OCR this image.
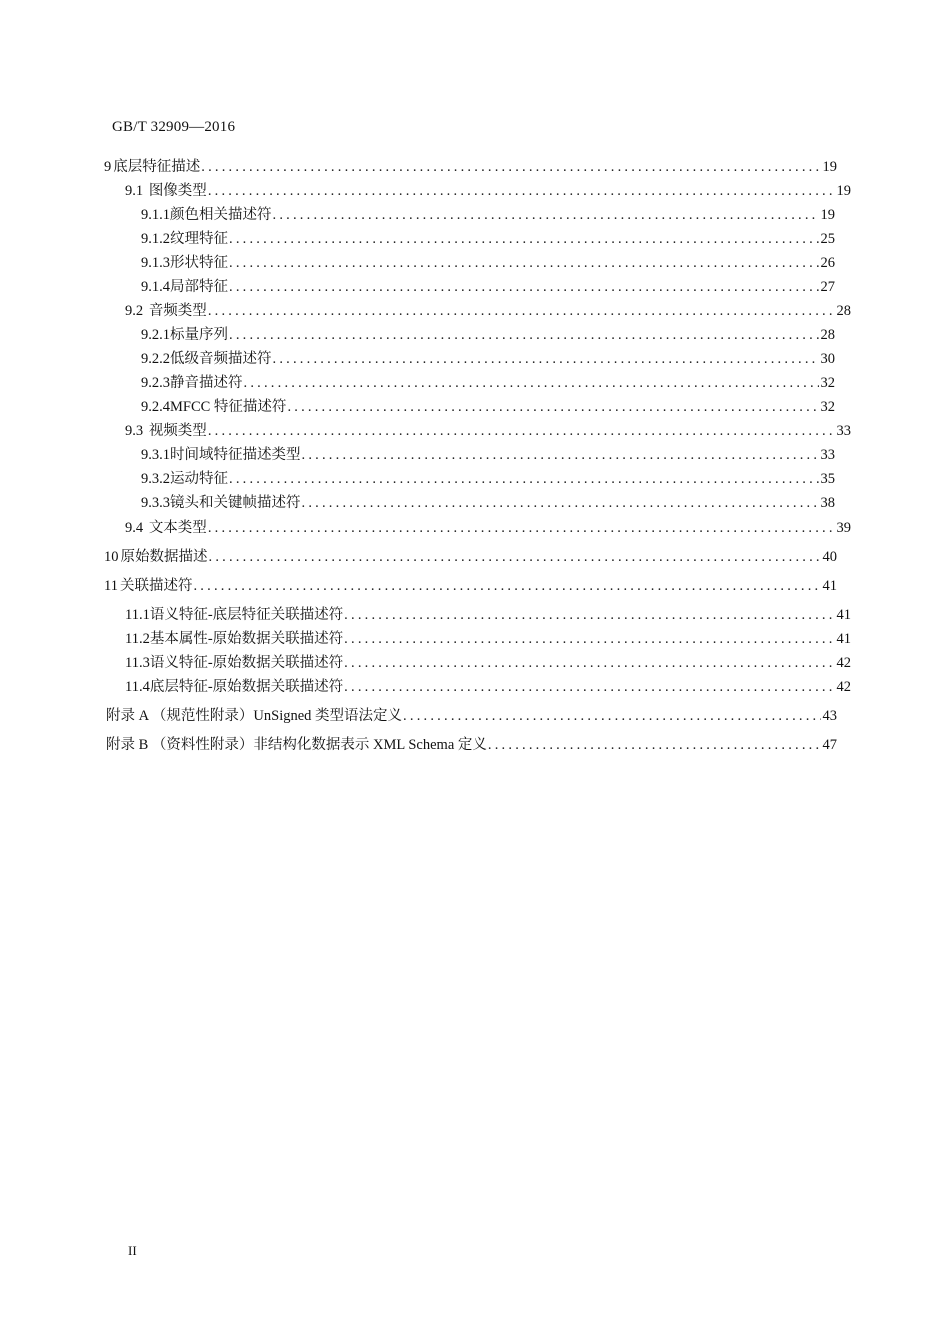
GB/T 32909—2016
9 底层特征描述 .....	19
9.1 图像类型 .....	19
9.1.1 颜色相关描述符 .....	19
9.1.2 纹理特征 .....	25
9.1.3 形状特征 .....	26
9.1.4 局部特征 .....	27
9.2 音频类型 .....	28
9.2.1 标量序列 .....	28
9.2.2 低级音频描述符 .....	30
9.2.3 静音描述符 .....	32
9.2.4 MFCC 特征描述符 .....	32
9.3 视频类型 .....	33
9.3.1 时间域特征描述类型 .....	33
9.3.2 运动特征 .....	35
9.3.3 镜头和关键帧描述符 .....	38
9.4 文本类型 .....	39
10 原始数据描述 .....	40
11 关联描述符 .....	41
11.1 语义特征-底层特征关联描述符 .....	41
11.2 基本属性-原始数据关联描述符 .....	41
11.3 语义特征-原始数据关联描述符 .....	42
11.4 底层特征-原始数据关联描述符 .....	42
附录 A （规范性附录）UnSigned 类型语法定义 .....	43
附录 B （资料性附录）非结构化数据表示 XML Schema 定义 .....	47
II
